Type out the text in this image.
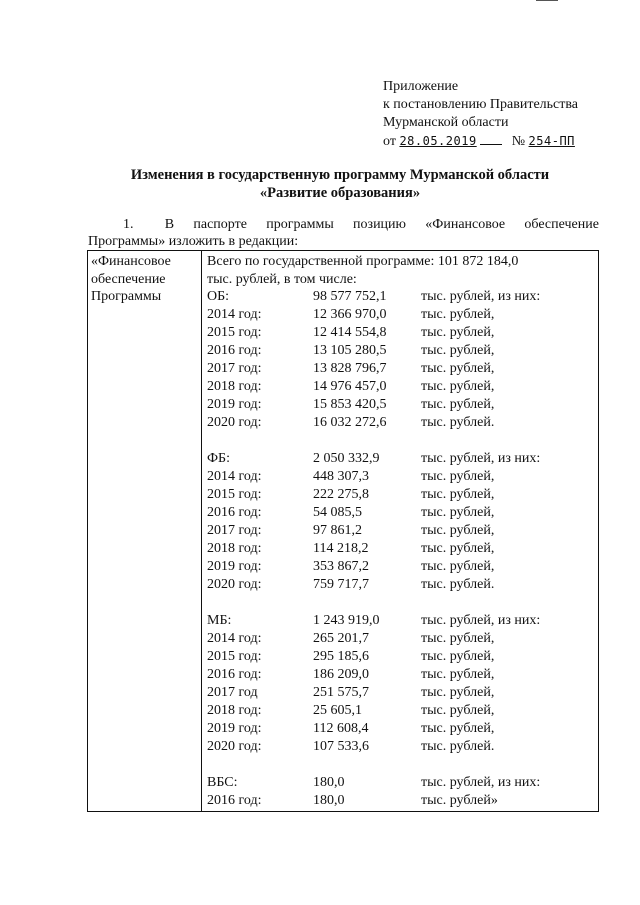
Приложение
к постановлению Правительства
Мурманской области
от 28.05.2019	№ 254-ПП
Изменения в государственную программу Мурманской области
«Развитие образования»
1. В паспорте программы позицию «Финансовое обеспечение
Программы» изложить в редакции:
«Финансовое
обеспечение
Программы
Всего по государственной программе: 101 872 184,0
тыс. рублей, в том числе:
ОБ:	98 577 752,1	тыс. рублей, из них:
2014 год:	12 366 970,0	тыс. рублей,
2015 год:	12 414 554,8	тыс. рублей,
2016 год:	13 105 280,5	тыс. рублей,
2017 год:	13 828 796,7	тыс. рублей,
2018 год:	14 976 457,0	тыс. рублей,
2019 год:	15 853 420,5	тыс. рублей,
2020 год:	16 032 272,6	тыс. рублей.
ФБ:	2 050 332,9	тыс. рублей, из них:
2014 год:	448 307,3	тыс. рублей,
2015 год:	222 275,8	тыс. рублей,
2016 год:	54 085,5	тыс. рублей,
2017 год:	97 861,2	тыс. рублей,
2018 год:	114 218,2	тыс. рублей,
2019 год:	353 867,2	тыс. рублей,
2020 год:	759 717,7	тыс. рублей.
МБ:	1 243 919,0	тыс. рублей, из них:
2014 год:	265 201,7	тыс. рублей,
2015 год:	295 185,6	тыс. рублей,
2016 год:	186 209,0	тыс. рублей,
2017 год	251 575,7	тыс. рублей,
2018 год:	25 605,1	тыс. рублей,
2019 год:	112 608,4	тыс. рублей,
2020 год:	107 533,6	тыс. рублей.
ВБС:	180,0	тыс. рублей, из них:
2016 год:	180,0	тыс. рублей»
